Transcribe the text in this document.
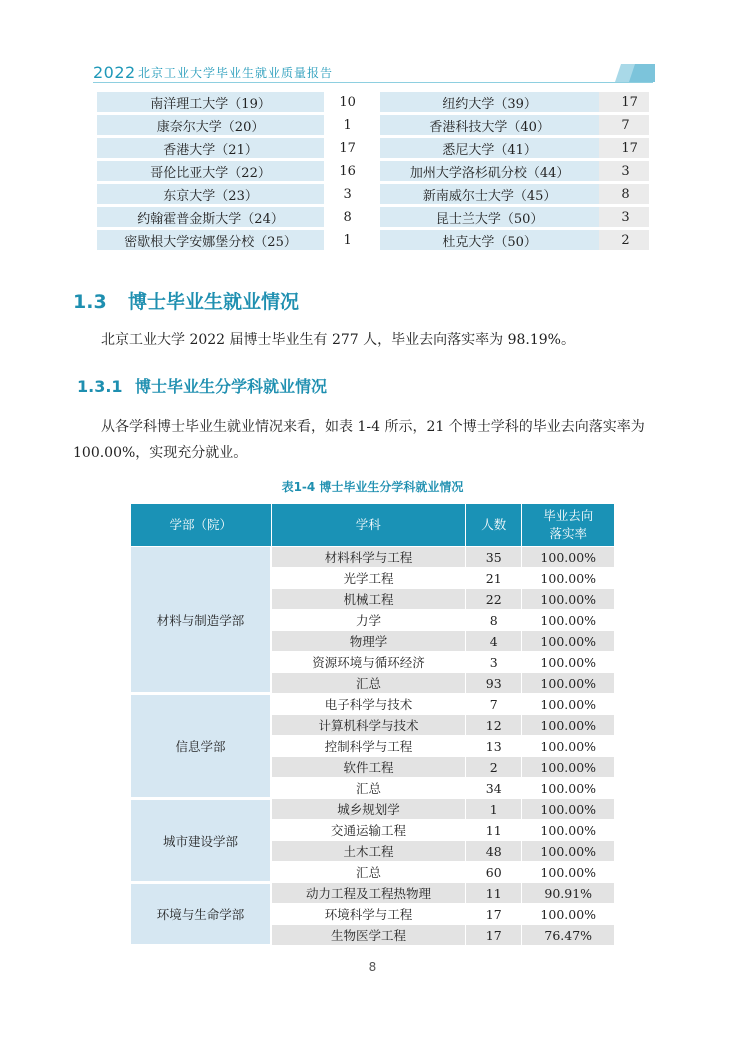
2022 北京工业大学毕业生就业质量报告
南洋理工大学（19）	10		纽约大学（39）	17
康奈尔大学（20）	1		香港科技大学（40）	7
香港大学（21）	17		悉尼大学（41）	17
哥伦比亚大学（22）	16		加州大学洛杉矶分校（44）	3
东京大学（23）	3		新南威尔士大学（45）	8
约翰霍普金斯大学（24）	8		昆士兰大学（50）	3
密歇根大学安娜堡分校（25）	1		杜克大学（50）	2
1.3 博士毕业生就业情况
北京工业大学 2022 届博士毕业生有 277 人，毕业去向落实率为 98.19%。
1.3.1 博士毕业生分学科就业情况
从各学科博士毕业生就业情况来看，如表 1-4 所示，21 个博士学科的毕业去向落实率为 100.00%，实现充分就业。
表1-4 博士毕业生分学科就业情况
学部（院）	学科	人数	毕业去向
落实率

材料与制造学部	材料科学与工程	35	100.00%
	光学工程	21	100.00%
	机械工程	22	100.00%
	力学	8	100.00%
	物理学	4	100.00%
	资源环境与循环经济	3	100.00%
	汇总	93	100.00%
信息学部	电子科学与技术	7	100.00%
	计算机科学与技术	12	100.00%
	控制科学与工程	13	100.00%
	软件工程	2	100.00%
	汇总	34	100.00%
城市建设学部	城乡规划学	1	100.00%
	交通运输工程	11	100.00%
	土木工程	48	100.00%
	汇总	60	100.00%
环境与生命学部	动力工程及工程热物理	11	90.91%
	环境科学与工程	17	100.00%
	生物医学工程	17	76.47%
8
